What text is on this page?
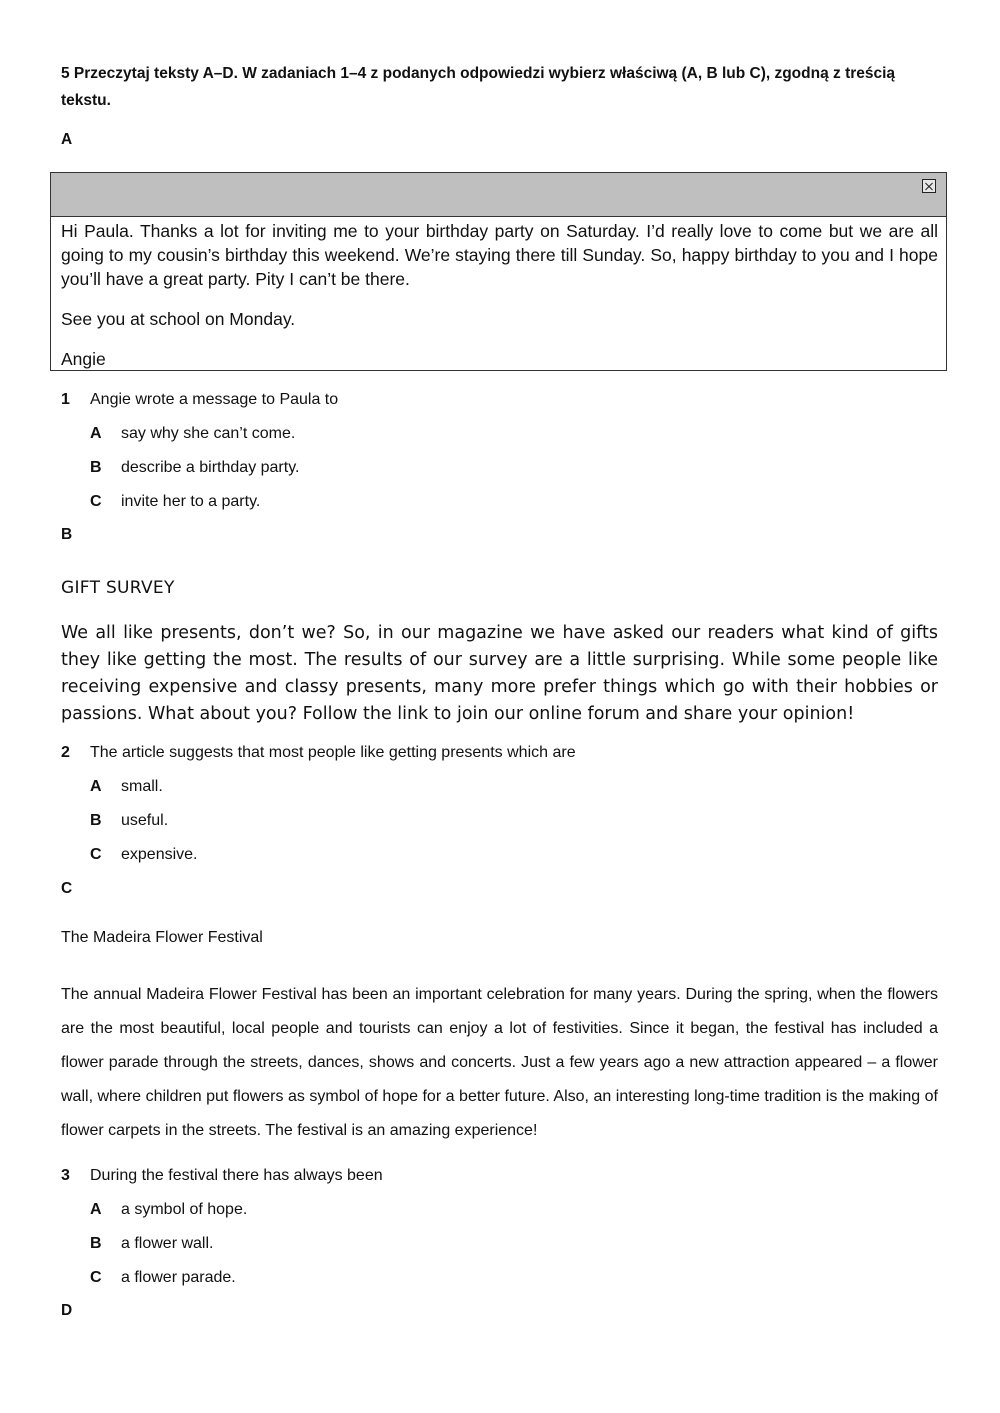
5 Przeczytaj teksty A–D. W zadaniach 1–4 z podanych odpowiedzi wybierz właściwą (A, B lub C), zgodną z treścią tekstu.
A
Hi Paula. Thanks a lot for inviting me to your birthday party on Saturday. I’d really love to come but we are all going to my cousin’s birthday this weekend. We’re staying there till Sunday. So, happy birthday to you and I hope you’ll have a great party. Pity I can’t be there.
See you at school on Monday.
Angie
1 Angie wrote a message to Paula to
A say why she can’t come.
B describe a birthday party.
C invite her to a party.
B
GIFT SURVEY
We all like presents, don’t we? So, in our magazine we have asked our readers what kind of gifts they like getting the most. The results of our survey are a little surprising. While some people like receiving expensive and classy presents, many more prefer things which go with their hobbies or passions. What about you? Follow the link to join our online forum and share your opinion!
2 The article suggests that most people like getting presents which are
A small.
B useful.
C expensive.
C
The Madeira Flower Festival
The annual Madeira Flower Festival has been an important celebration for many years. During the spring, when the flowers are the most beautiful, local people and tourists can enjoy a lot of festivities. Since it began, the festival has included a flower parade through the streets, dances, shows and concerts. Just a few years ago a new attraction appeared – a flower wall, where children put flowers as symbol of hope for a better future. Also, an interesting long-time tradition is the making of flower carpets in the streets. The festival is an amazing experience!
3 During the festival there has always been
A a symbol of hope.
B a flower wall.
C a flower parade.
D
